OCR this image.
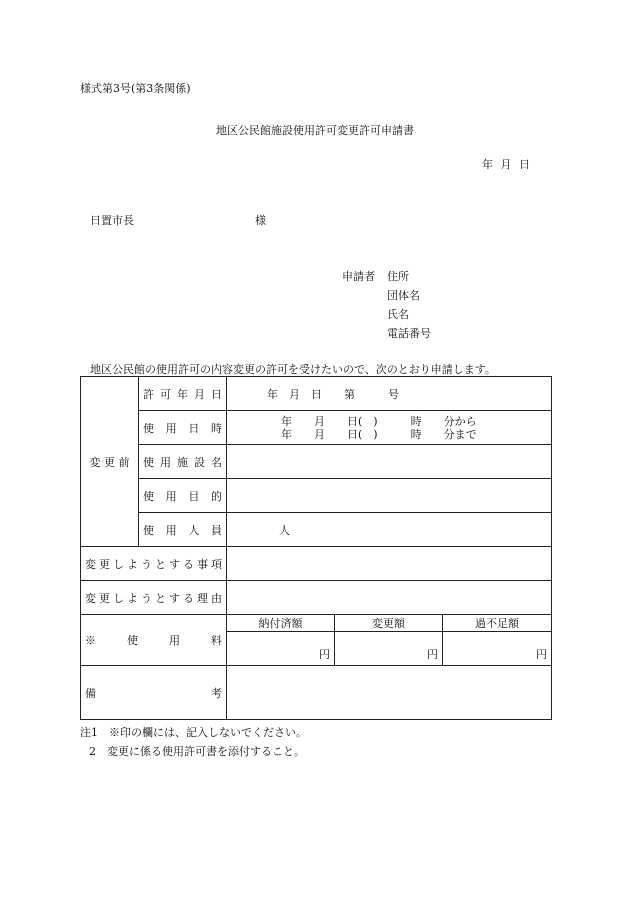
様式第3号(第3条関係)
地区公民館施設使用許可変更許可申請書
年 月 日
日置市長	様
申請者 住所
団体名
氏名
電話番号
地区公民館の使用許可の内容変更の許可を受けたいので、次のとおり申請します。
変 更 前	許可年月日	年　月　日　　第　　　号		
	使用日時	年　　月　　日(　)　　　時　　分から
年　　月　　日(　)　　　時　　分まで		

	使用施設名			
	使用目的			
	使用人員	人		
変更しようとする事項				
変更しようとする理由				
※　使　用　料		納付済額	変更額	過不足額
		円	円	円
備考				
注1　※印の欄には、記入しないでください。
2　変更に係る使用許可書を添付すること。
